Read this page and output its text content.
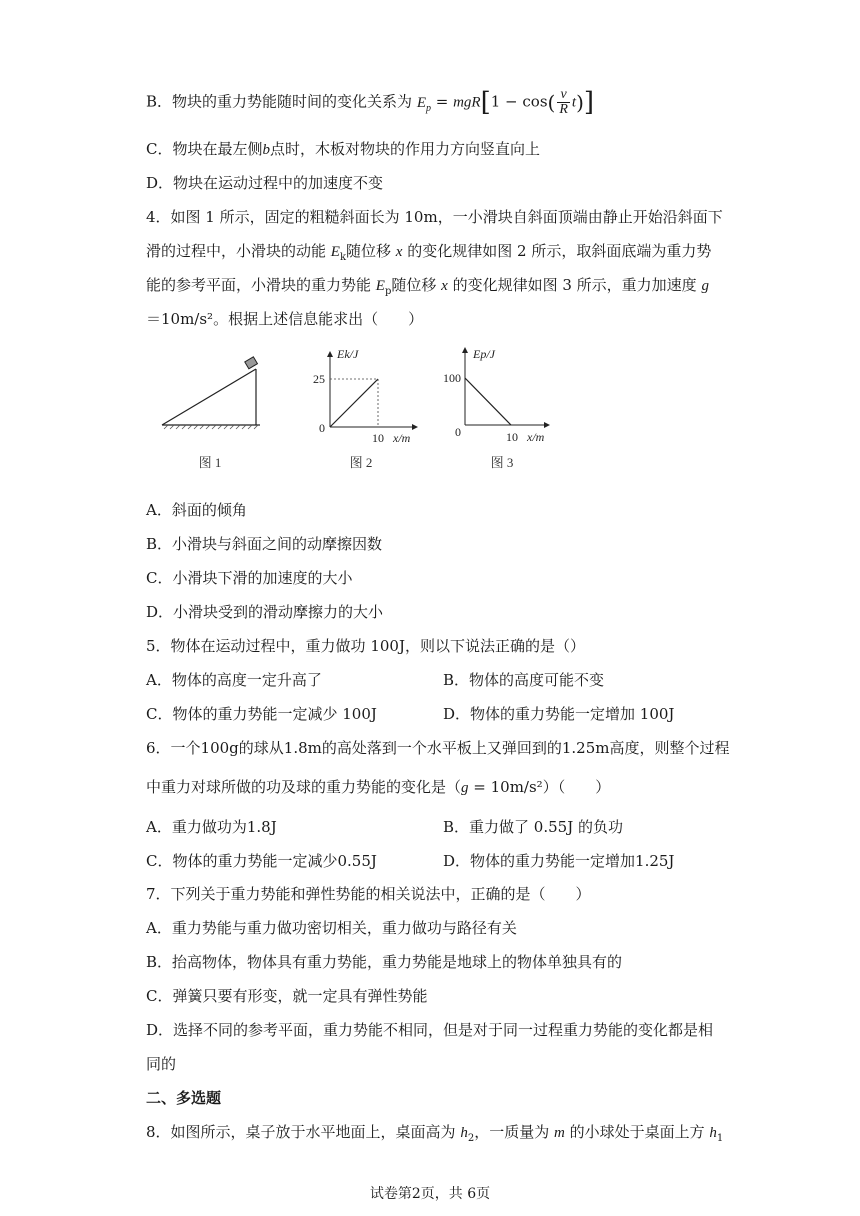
B．物块的重力势能随时间的变化关系为 $E_p = mgR[1 - \cos( \frac{v}{R} t)]$
C．物块在最左侧b点时，木板对物块的作用力方向竖直向上
D．物块在运动过程中的加速度不变
4．如图 1 所示，固定的粗糙斜面长为 10m，一小滑块自斜面顶端由静止开始沿斜面下
滑的过程中，小滑块的动能 $E_k$随位移 x 的变化规律如图 2 所示，取斜面底端为重力势
能的参考平面，小滑块的重力势能 $E_p$随位移 x 的变化规律如图 3 所示，重力加速度 g
＝10m/s²。根据上述信息能求出（　　）
图 1
Ek/J
25
0
10 x/m
图 2
Ep/J
100
0	10 x/m
图 3
A．斜面的倾角
B．小滑块与斜面之间的动摩擦因数
C．小滑块下滑的加速度的大小
D．小滑块受到的滑动摩擦力的大小
5．物体在运动过程中，重力做功 100J，则以下说法正确的是（）
A．物体的高度一定升高了	B．物体的高度可能不变
C．物体的重力势能一定减少 100J	D．物体的重力势能一定增加 100J
6．一个100g的球从1.8m的高处落到一个水平板上又弹回到的1.25m高度，则整个过程
中重力对球所做的功及球的重力势能的变化是（g = 10m/s²）（　　）
A．重力做功为1.8J	B．重力做了 0.55J 的负功
C．物体的重力势能一定减少0.55J	D．物体的重力势能一定增加1.25J
7．下列关于重力势能和弹性势能的相关说法中，正确的是（　　）
A．重力势能与重力做功密切相关，重力做功与路径有关
B．抬高物体，物体具有重力势能，重力势能是地球上的物体单独具有的
C．弹簧只要有形变，就一定具有弹性势能
D．选择不同的参考平面，重力势能不相同，但是对于同一过程重力势能的变化都是相
同的
二、多选题
8．如图所示，桌子放于水平地面上，桌面高为 $h_2$，一质量为 m 的小球处于桌面上方 $h_1$
试卷第2页，共 6页
